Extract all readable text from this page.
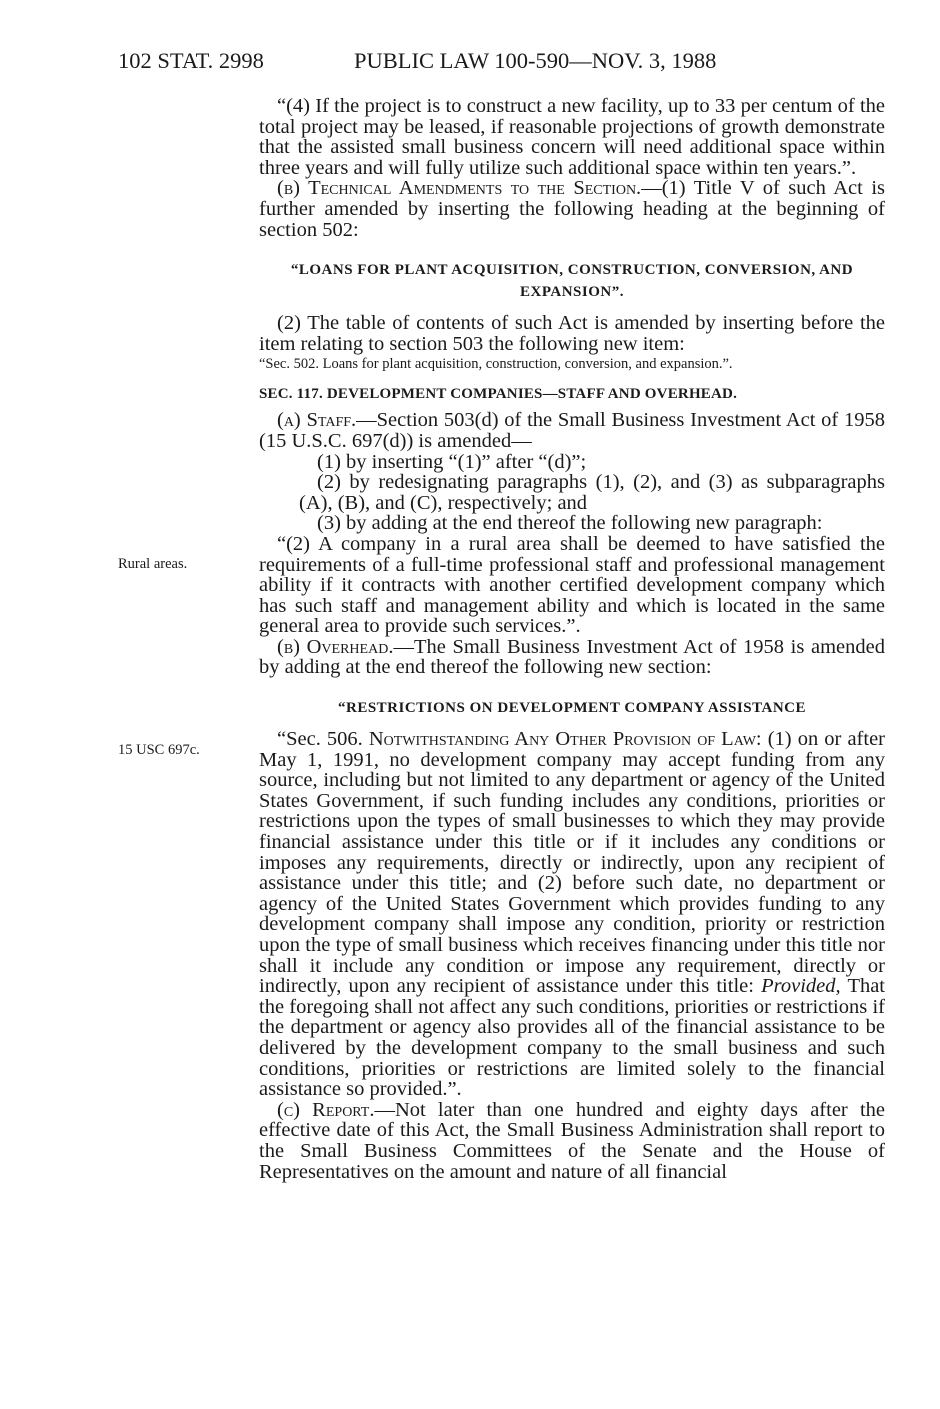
102 STAT. 2998	PUBLIC LAW 100-590—NOV. 3, 1988
Rural areas.
15 USC 697c.

“(4) If the project is to construct a new facility, up to 33 per centum of the total project may be leased, if reasonable projections of growth demonstrate that the assisted small business concern will need additional space within three years and will fully utilize such additional space within ten years.”.

(b) Technical Amendments to the Section.—(1) Title V of such Act is further amended by inserting the following heading at the beginning of section 502:

“LOANS FOR PLANT ACQUISITION, CONSTRUCTION, CONVERSION, AND EXPANSION”.

(2) The table of contents of such Act is amended by inserting before the item relating to section 503 the following new item:

“Sec. 502. Loans for plant acquisition, construction, conversion, and expansion.”.

SEC. 117. DEVELOPMENT COMPANIES—STAFF AND OVERHEAD.

(a) Staff.—Section 503(d) of the Small Business Investment Act of 1958 (15 U.S.C. 697(d)) is amended—

(1) by inserting “(1)” after “(d)”;

(2) by redesignating paragraphs (1), (2), and (3) as subparagraphs (A), (B), and (C), respectively; and

(3) by adding at the end thereof the following new paragraph:

“(2) A company in a rural area shall be deemed to have satisfied the requirements of a full-time professional staff and professional management ability if it contracts with another certified development company which has such staff and management ability and which is located in the same general area to provide such services.”.

(b) Overhead.—The Small Business Investment Act of 1958 is amended by adding at the end thereof the following new section:

“RESTRICTIONS ON DEVELOPMENT COMPANY ASSISTANCE

“Sec. 506. Notwithstanding Any Other Provision of Law: (1) on or after May 1, 1991, no development company may accept funding from any source, including but not limited to any department or agency of the United States Government, if such funding includes any conditions, priorities or restrictions upon the types of small businesses to which they may provide financial assistance under this title or if it includes any conditions or imposes any requirements, directly or indirectly, upon any recipient of assistance under this title; and (2) before such date, no department or agency of the United States Government which provides funding to any development company shall impose any condition, priority or restriction upon the type of small business which receives financing under this title nor shall it include any condition or impose any requirement, directly or indirectly, upon any recipient of assistance under this title: Provided, That the foregoing shall not affect any such conditions, priorities or restrictions if the department or agency also provides all of the financial assistance to be delivered by the development company to the small business and such conditions, priorities or restrictions are limited solely to the financial assistance so provided.”.

(c) Report.—Not later than one hundred and eighty days after the effective date of this Act, the Small Business Administration shall report to the Small Business Committees of the Senate and the House of Representatives on the amount and nature of all financial
